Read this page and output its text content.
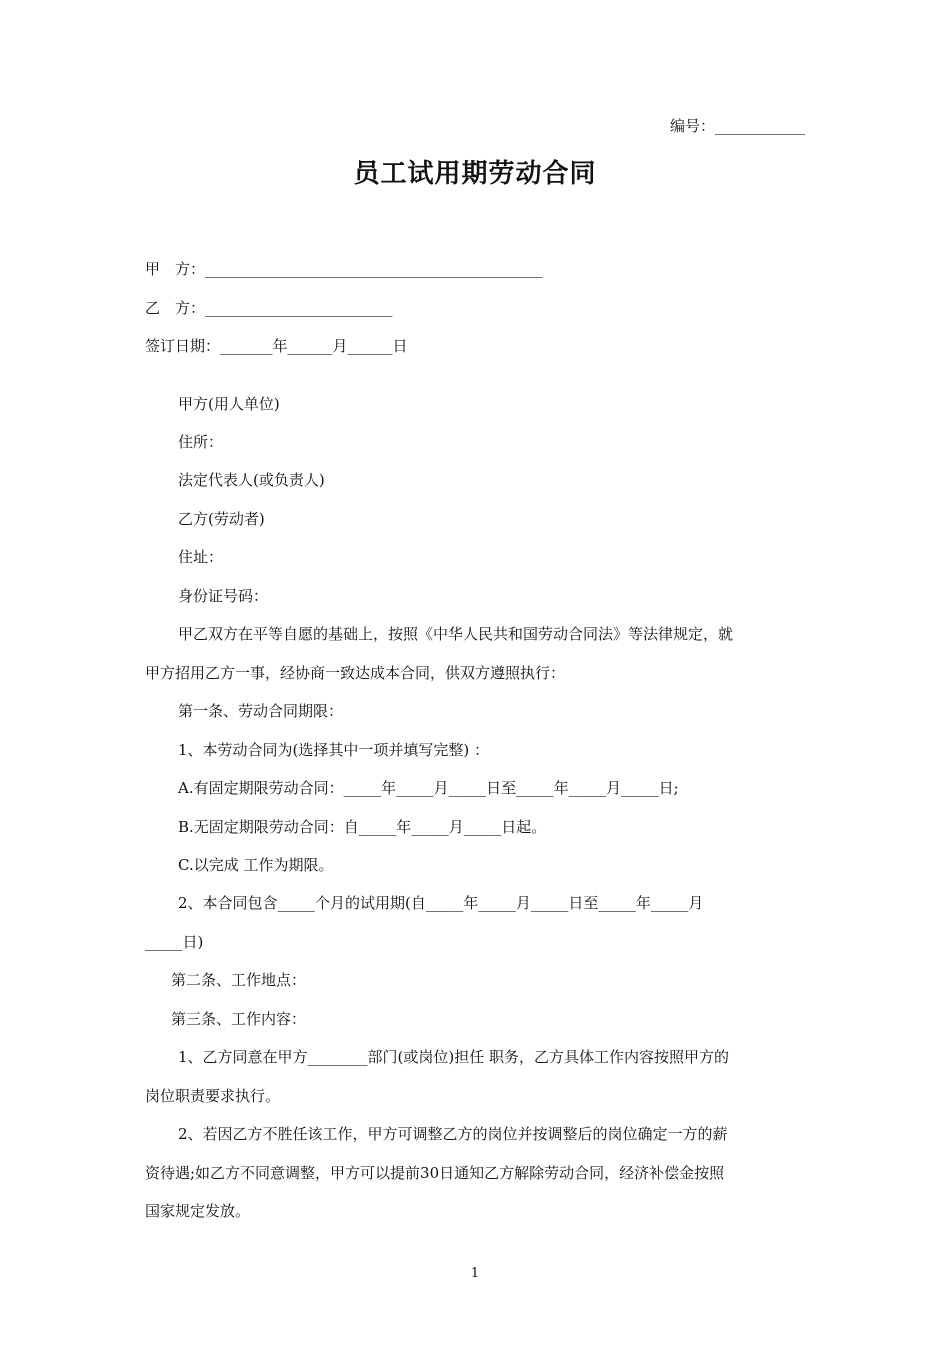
编号：____________
员工试用期劳动合同
甲　方：_____________________________________________
乙　方：_________________________
签订日期：_______年______月______日
甲方(用人单位)
住所：
法定代表人(或负责人)
乙方(劳动者)
住址：
身份证号码：
甲乙双方在平等自愿的基础上，按照《中华人民共和国劳动合同法》等法律规定，就
甲方招用乙方一事，经协商一致达成本合同，供双方遵照执行：
第一条、劳动合同期限：
1、本劳动合同为(选择其中一项并填写完整) ：
A.有固定期限劳动合同：_____年_____月_____日至_____年_____月_____日;
B.无固定期限劳动合同：自_____年_____月_____日起。
C.以完成 工作为期限。
2、本合同包含_____个月的试用期(自_____年_____月_____日至_____年_____月
_____日)
第二条、工作地点：
第三条、工作内容：
1、乙方同意在甲方________部门(或岗位)担任 职务，乙方具体工作内容按照甲方的
岗位职责要求执行。
2、若因乙方不胜任该工作，甲方可调整乙方的岗位并按调整后的岗位确定一方的薪
资待遇;如乙方不同意调整，甲方可以提前30日通知乙方解除劳动合同，经济补偿金按照
国家规定发放。
1
